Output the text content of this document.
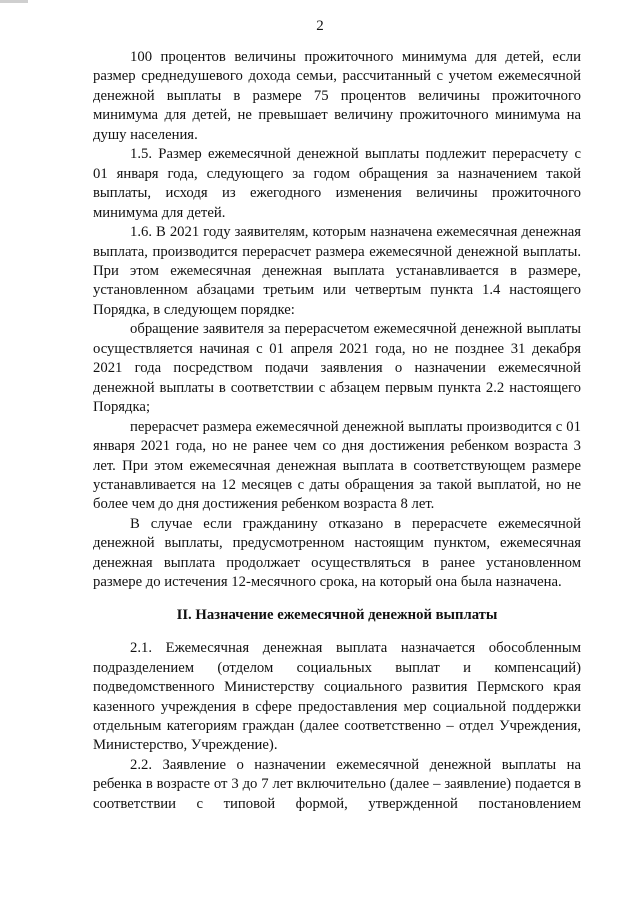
2

100 процентов величины прожиточного минимума для детей, если размер среднедушевого дохода семьи, рассчитанный с учетом ежемесячной денежной выплаты в размере 75 процентов величины прожиточного минимума для детей, не превышает величину прожиточного минимума на душу населения.

1.5. Размер ежемесячной денежной выплаты подлежит перерасчету с 01 января года, следующего за годом обращения за назначением такой выплаты, исходя из ежегодного изменения величины прожиточного минимума для детей.

1.6. В 2021 году заявителям, которым назначена ежемесячная денежная выплата, производится перерасчет размера ежемесячной денежной выплаты. При этом ежемесячная денежная выплата устанавливается в размере, установленном абзацами третьим или четвертым пункта 1.4 настоящего Порядка, в следующем порядке:

обращение заявителя за перерасчетом ежемесячной денежной выплаты осуществляется начиная с 01 апреля 2021 года, но не позднее 31 декабря 2021 года посредством подачи заявления о назначении ежемесячной денежной выплаты в соответствии с абзацем первым пункта 2.2 настоящего Порядка;

перерасчет размера ежемесячной денежной выплаты производится с 01 января 2021 года, но не ранее чем со дня достижения ребенком возраста 3 лет. При этом ежемесячная денежная выплата в соответствующем размере устанавливается на 12 месяцев с даты обращения за такой выплатой, но не более чем до дня достижения ребенком возраста 8 лет.

В случае если гражданину отказано в перерасчете ежемесячной денежной выплаты, предусмотренном настоящим пунктом, ежемесячная денежная выплата продолжает осуществляться в ранее установленном размере до истечения 12-месячного срока, на который она была назначена.

II. Назначение ежемесячной денежной выплаты

2.1. Ежемесячная денежная выплата назначается обособленным подразделением (отделом социальных выплат и компенсаций) подведомственного Министерству социального развития Пермского края казенного учреждения в сфере предоставления мер социальной поддержки отдельным категориям граждан (далее соответственно – отдел Учреждения, Министерство, Учреждение).

2.2. Заявление о назначении ежемесячной денежной выплаты на ребенка в возрасте от 3 до 7 лет включительно (далее – заявление) подается в соответствии с типовой формой, утвержденной постановлением
